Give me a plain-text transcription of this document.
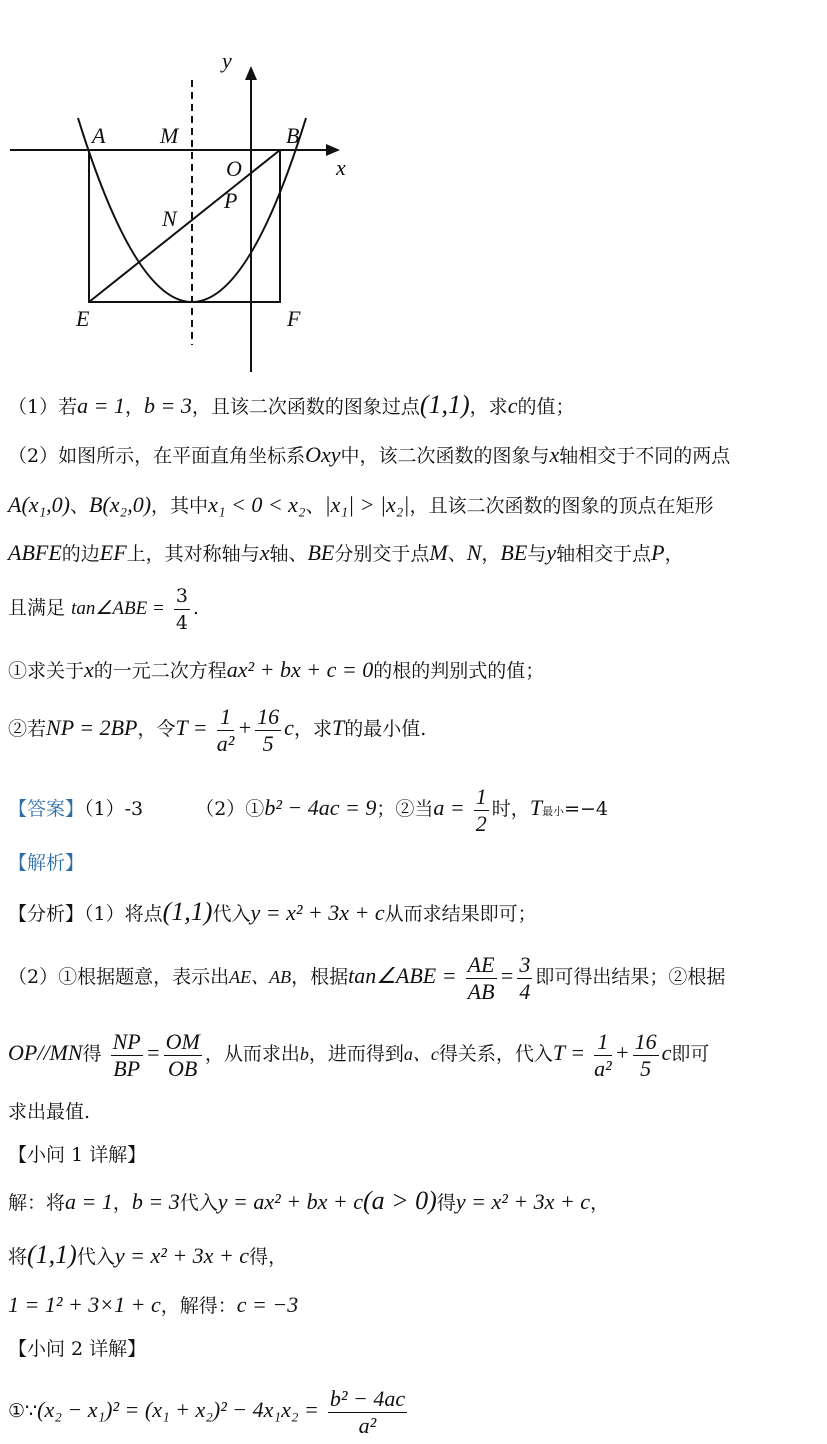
y
x
A M	B
O
P
N
E	F
（1）若a = 1，b = 3，且该二次函数的图象过点(1,1)，求c的值；
（2）如图所示，在平面直角坐标系Oxy中，该二次函数的图象与x轴相交于不同的两点
A(x₁,0)、B(x₂,0)，其中x₁ < 0 < x₂、|x₁| > |x₂|，且该二次函数的图象的顶点在矩形
ABFE的边EF上，其对称轴与x轴、BE分别交于点M、N，BE与y轴相交于点P，
且满足 tan∠ABE = $\frac{3}{4}$ .
①求关于x的一元二次方程ax² + bx + c = 0的根的判别式的值；
②若NP = 2BP，令$T = \frac{1}{\text{a²}} + \frac{16}{5}$ c，求T的最小值.
【答案】（1）-3	（2）①b² − 4ac = 9；②当$a = \frac{1}{2}$ 时，T最小=−4
【解析】
【分析】（1）将点(1,1)代入y = x² + 3x + c从而求结果即可；
（2）①根据题意，表示出AE、AB，根据tan∠ABE = $\frac{AE}{AB} = \frac{3}{4}$ 即可得出结果；②根据
OP//MN得 $\frac{NP}{BP} = \frac{OM}{OB}$ ，从而求出b，进而得到a、c得关系，代入$T = \frac{1}{\text{a²}} + \frac{16}{5}$ c即可
求出最值.
【小问 1 详解】
解：将a = 1，b = 3代入y = ax² + bx + c(a > 0)得y = x² + 3x + c，
将(1,1)代入y = x² + 3x + c得，
1 = 1² + 3×1 + c，解得：c = −3
【小问 2 详解】
①∵(x₂ − $x_1)^2 = (x_1 + x_2)^2 - 4x_1x_2 = \frac{\text{b² − 4ac}}{\text{a²}}$
